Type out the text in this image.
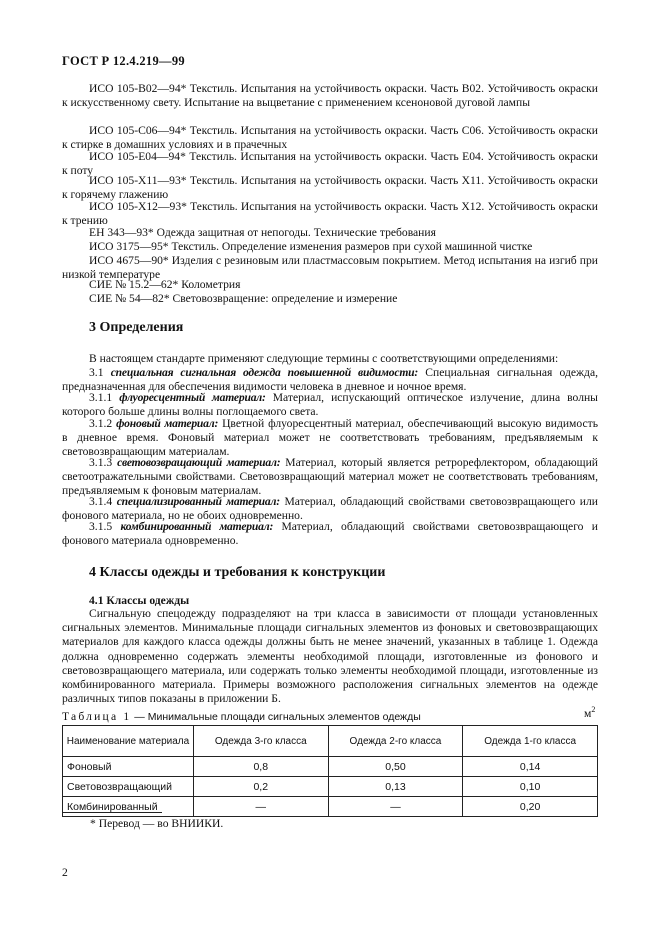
ГОСТ Р 12.4.219—99

ИСО 105-В02—94* Текстиль. Испытания на устойчивость окраски. Часть В02. Устойчивость окраски к искусственному свету. Испытание на выцветание с применением ксеноновой дуговой лампы

ИСО 105-С06—94* Текстиль. Испытания на устойчивость окраски. Часть С06. Устойчивость окраски к стирке в домашних условиях и в прачечных

ИСО 105-Е04—94* Текстиль. Испытания на устойчивость окраски. Часть Е04. Устойчивость окраски к поту

ИСО 105-Х11—93* Текстиль. Испытания на устойчивость окраски. Часть Х11. Устойчивость окраски к горячему глажению

ИСО 105-Х12—93* Текстиль. Испытания на устойчивость окраски. Часть Х12. Устойчивость окраски к трению

ЕН 343—93* Одежда защитная от непогоды. Технические требования

ИСО 3175—95* Текстиль. Определение изменения размеров при сухой машинной чистке

ИСО 4675—90* Изделия с резиновым или пластмассовым покрытием. Метод испытания на изгиб при низкой температуре

СИЕ № 15.2—62* Колометрия

СИЕ № 54—82* Световозвращение: определение и измерение

3 Определения

В настоящем стандарте применяют следующие термины с соответствующими определениями:

3.1 специальная сигнальная одежда повышенной видимости: Специальная сигнальная одежда, предназначенная для обеспечения видимости человека в дневное и ночное время.

3.1.1 флуоресцентный материал: Материал, испускающий оптическое излучение, длина волны которого больше длины волны поглощаемого света.

3.1.2 фоновый материал: Цветной флуоресцентный материал, обеспечивающий высокую видимость в дневное время. Фоновый материал может не соответствовать требованиям, предъявляемым к световозвращающим материалам.

3.1.3 световозвращающий материал: Материал, который является ретрорефлектором, обладающий светоотражательными свойствами. Световозвращающий материал может не соответствовать требованиям, предъявляемым к фоновым материалам.

3.1.4 специализированный материал: Материал, обладающий свойствами световозвращающего или фонового материала, но не обоих одновременно.

3.1.5 комбинированный материал: Материал, обладающий свойствами световозвращающего и фонового материала одновременно.

4 Классы одежды и требования к конструкции
4.1 Классы одежды

Сигнальную спецодежду подразделяют на три класса в зависимости от площади установленных сигнальных элементов. Минимальные площади сигнальных элементов из фоновых и световозвращающих материалов для каждого класса одежды должны быть не менее значений, указанных в таблице 1. Одежда должна одновременно содержать элементы необходимой площади, изготовленные из фонового и световозвращающего материала, или содержать только элементы необходимой площади, изготовленные из комбинированного материала. Примеры возможного расположения сигнальных элементов на одежде различных типов показаны в приложении Б.

Таблица 1 — Минимальные площади сигнальных элементов одежды	$м^2$
Наименование материала	Одежда 3-го класса	Одежда 2-го класса	Одежда 1-го класса
Фоновый	0,8	0,50	0,14
Световозвращающий	0,2	0,13	0,10
Комбинированный	—	—	0,20
* Перевод — во ВНИИКИ.
2
